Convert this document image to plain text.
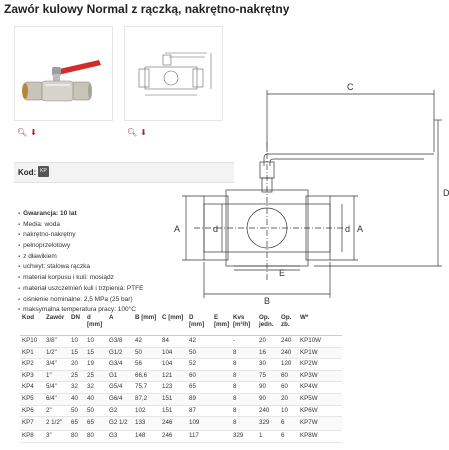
Zawór kulowy Normal z rączką, nakrętno-nakrętny
🔍︎ ⬇︎	🔍︎ ⬇︎
Kod: KP
▪ Gwarancja: 10 lat
▪ Media: woda
▪ nakrętno-nakrętny
▪ pełnoprzelotowy
▪ z dławikiem
▪ uchwyt: stalowa rączka
▪ materiał korpusu i kuli: mosiądz
▪ materiał uszczelnień kuli i trzpienia: PTFE
▪ ciśnienie nominalne: 2,5 MPa (25 bar)
▪ maksymalna temperatura pracy: 100°C
C
D
A	d
B
E
A
d
Kod	Zawór	DN	d [mm]	A	B [mm]	C [mm]	D [mm]	E [mm]	Kvs [m³/h]	Op. jedn.	Op. zb.	W*
KP10	3/8"	10	10	G3/8	42	84	42		-	20	240	KP10W
KP1	1/2"	15	15	G1/2	50	104	50		8	16	240	KP1W
KP2	3/4"	20	19	G3/4	56	104	52		8	30	120	KP2W
KP3	1"	25	25	G1	66,6	121	60		8	75	60	KP3W
KP4	5/4"	32	32	G5/4	75,7	123	65		8	90	60	KP4W
KP5	6/4"	40	40	G6/4	87,2	151	89		8	90	20	KP5W
KP6	2"	50	50	G2	102	151	87		8	240	10	KP6W
KP7	2 1/2"	65	65	G2 1/2	133	246	109		8	329	6	KP7W
KP8	3"	80	80	G3	148	246	117		329	1	6	KP8W
